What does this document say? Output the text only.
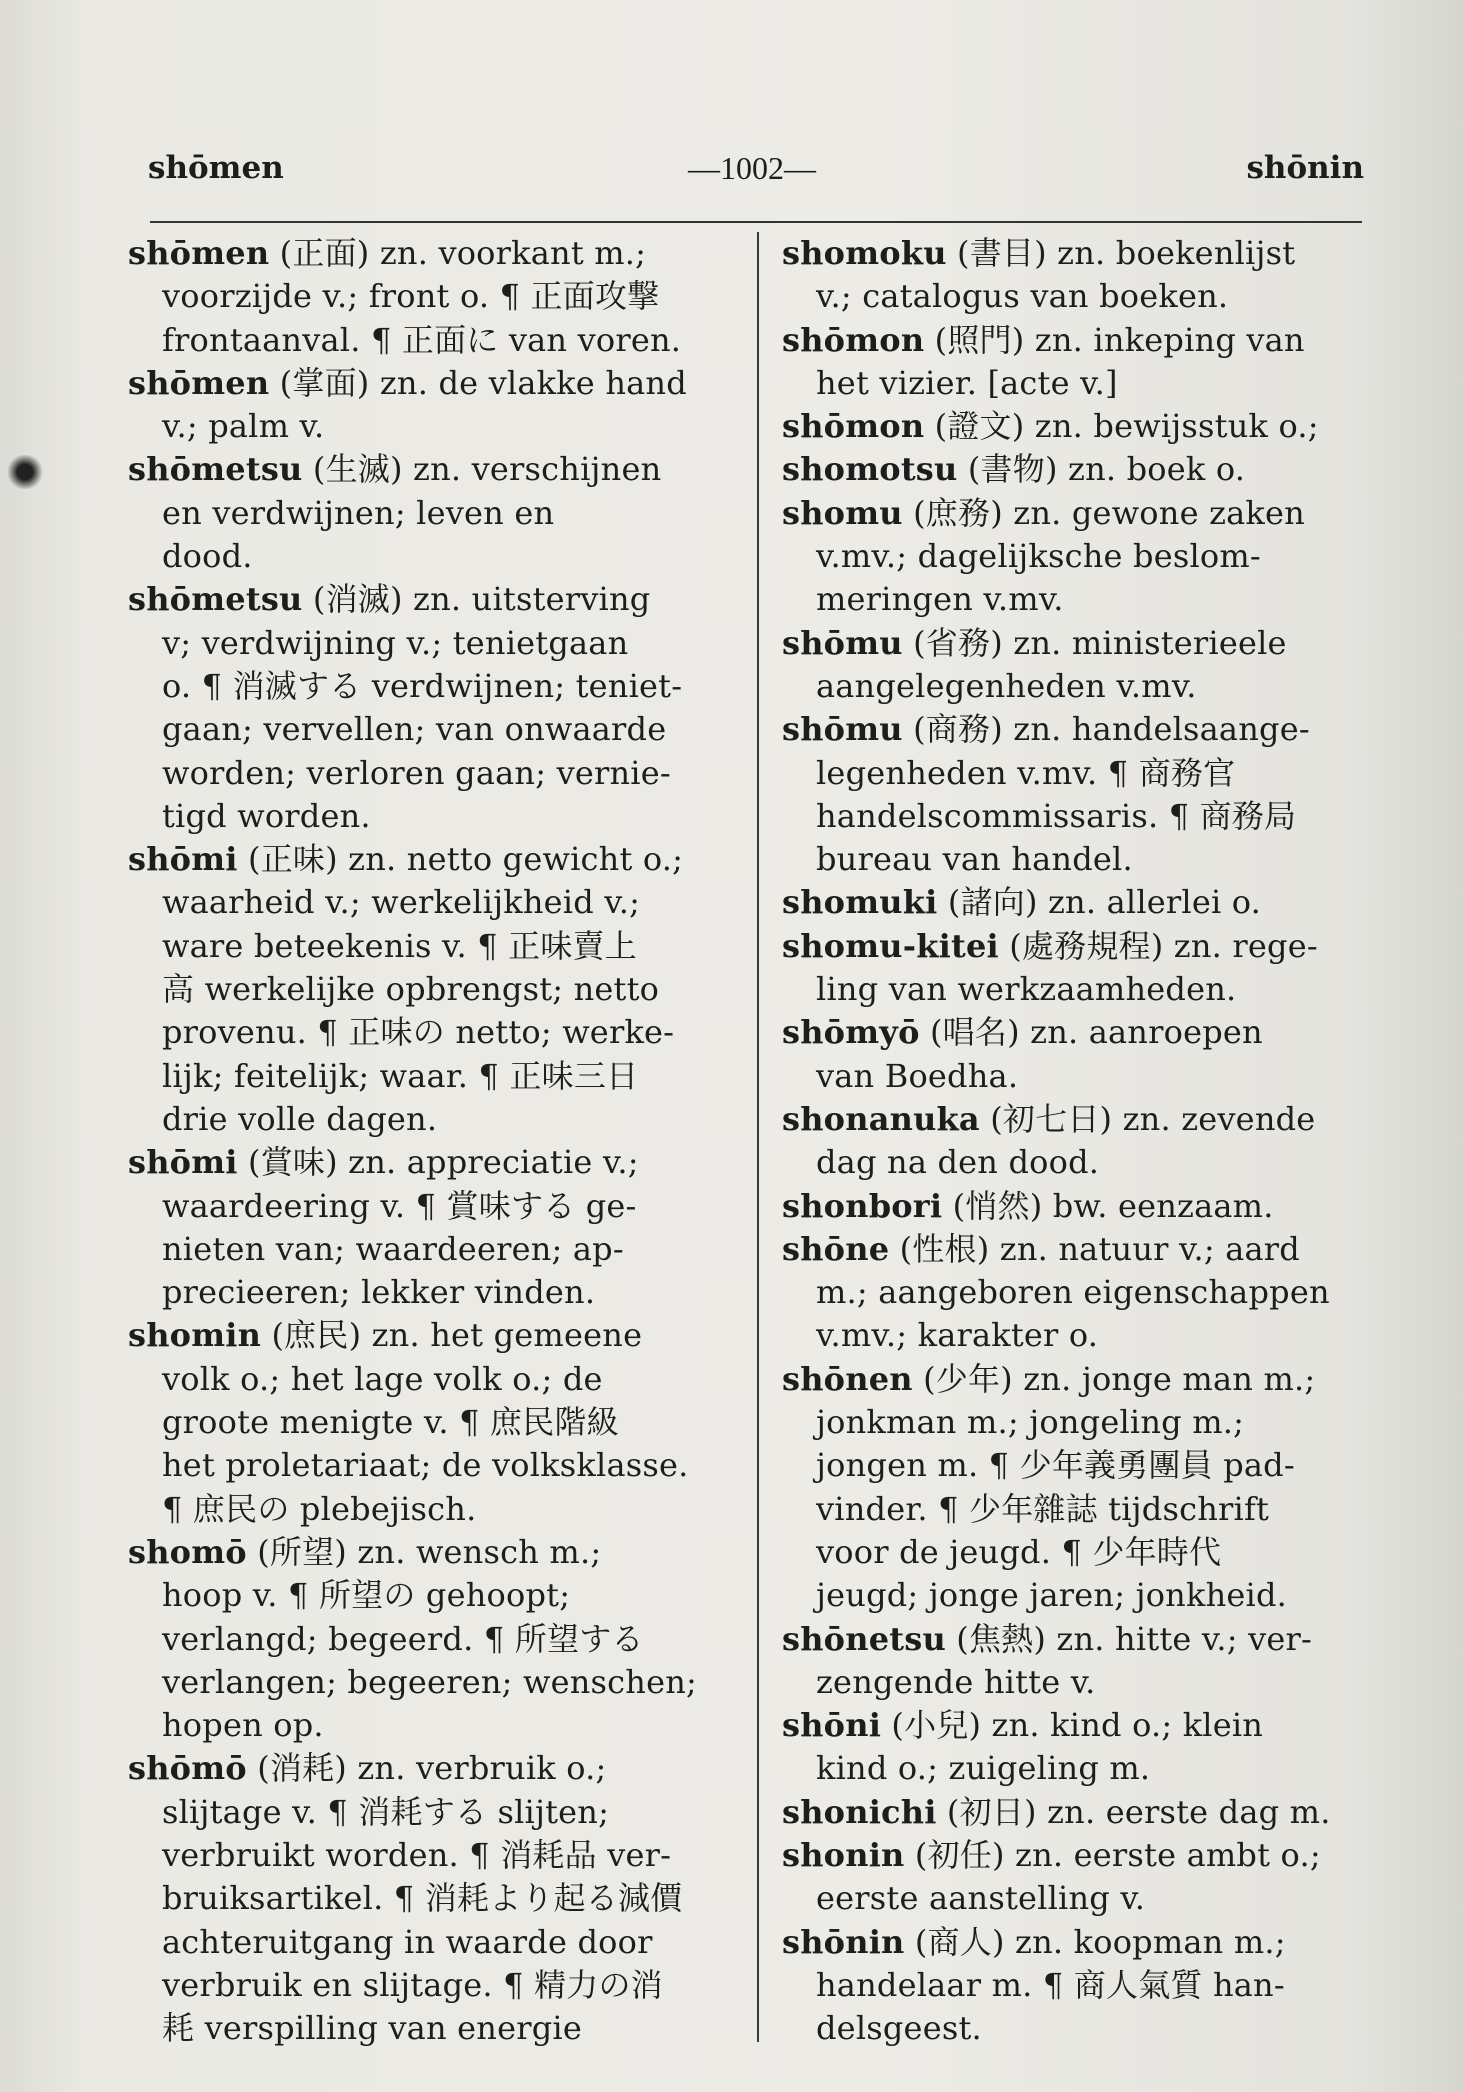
shōmen	—1002—	shōnin
shōmen (正面) zn. voorkant m.;
voorzijde v.; front o. ¶ 正面攻撃
frontaanval. ¶ 正面に van voren.
shōmen (掌面) zn. de vlakke hand
v.; palm v.
shōmetsu (生滅) zn. verschijnen
en verdwijnen; leven en
dood.
shōmetsu (消滅) zn. uitsterving
v; verdwijning v.; tenietgaan
o. ¶ 消滅する verdwijnen; teniet-
gaan; vervellen; van onwaarde
worden; verloren gaan; vernie-
tigd worden.
shōmi (正味) zn. netto gewicht o.;
waarheid v.; werkelijkheid v.;
ware beteekenis v. ¶ 正味賣上
高 werkelijke opbrengst; netto
provenu. ¶ 正味の netto; werke-
lijk; feitelijk; waar. ¶ 正味三日
drie volle dagen.
shōmi (賞味) zn. appreciatie v.;
waardeering v. ¶ 賞味する ge-
nieten van; waardeeren; ap-
precieeren; lekker vinden.
shomin (庶民) zn. het gemeene
volk o.; het lage volk o.; de
groote menigte v. ¶ 庶民階級
het proletariaat; de volksklasse.
¶ 庶民の plebejisch.
shomō (所望) zn. wensch m.;
hoop v. ¶ 所望の gehoopt;
verlangd; begeerd. ¶ 所望する
verlangen; begeeren; wenschen;
hopen op.
shōmō (消耗) zn. verbruik o.;
slijtage v. ¶ 消耗する slijten;
verbruikt worden. ¶ 消耗品 ver-
bruiksartikel. ¶ 消耗より起る減價
achteruitgang in waarde door
verbruik en slijtage. ¶ 精力の消
耗 verspilling van energie
shomoku (書目) zn. boekenlijst
v.; catalogus van boeken.
shōmon (照門) zn. inkeping van
het vizier. [acte v.]
shōmon (證文) zn. bewijsstuk o.;
shomotsu (書物) zn. boek o.
shomu (庶務) zn. gewone zaken
v.mv.; dagelijksche beslom-
meringen v.mv.
shōmu (省務) zn. ministerieele
aangelegenheden v.mv.
shōmu (商務) zn. handelsaange-
legenheden v.mv. ¶ 商務官
handelscommissaris. ¶ 商務局
bureau van handel.
shomuki (諸向) zn. allerlei o.
shomu-kitei (處務規程) zn. rege-
ling van werkzaamheden.
shōmyō (唱名) zn. aanroepen
van Boedha.
shonanuka (初七日) zn. zevende
dag na den dood.
shonbori (悄然) bw. eenzaam.
shōne (性根) zn. natuur v.; aard
m.; aangeboren eigenschappen
v.mv.; karakter o.
shōnen (少年) zn. jonge man m.;
jonkman m.; jongeling m.;
jongen m. ¶ 少年義勇團員 pad-
vinder. ¶ 少年雜誌 tijdschrift
voor de jeugd. ¶ 少年時代
jeugd; jonge jaren; jonkheid.
shōnetsu (焦熱) zn. hitte v.; ver-
zengende hitte v.
shōni (小兒) zn. kind o.; klein
kind o.; zuigeling m.
shonichi (初日) zn. eerste dag m.
shonin (初任) zn. eerste ambt o.;
eerste aanstelling v.
shōnin (商人) zn. koopman m.;
handelaar m. ¶ 商人氣質 han-
delsgeest.
